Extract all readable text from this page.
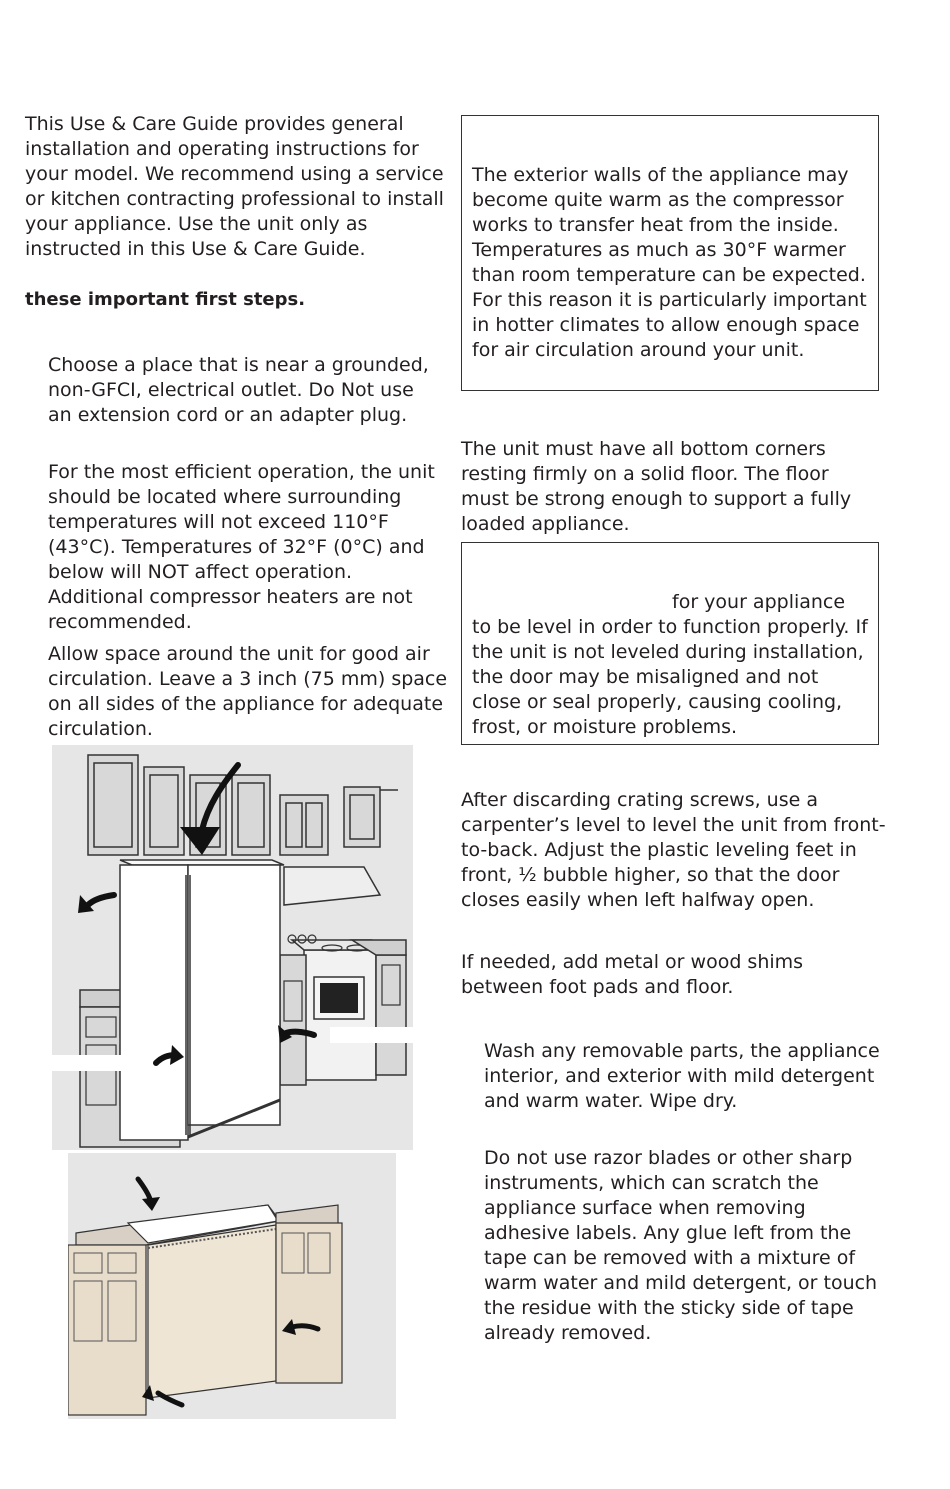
This Use & Care Guide provides general installation and operating instructions for your model. We recommend using a service or kitchen contracting professional to install your appliance. Use the unit only as instructed in this Use & Care Guide.

these important first steps.

Choose a place that is near a grounded, non-GFCI, electrical outlet. Do Not use an extension cord or an adapter plug.

For the most efficient operation, the unit should be located where surrounding temperatures will not exceed 110°F (43°C). Temperatures of 32°F (0°C) and below will NOT affect operation. Additional compressor heaters are not recommended.

Allow space around the unit for good air circulation. Leave a 3 inch (75 mm) space on all sides of the appliance for adequate circulation.

The exterior walls of the appliance may become quite warm as the compressor works to transfer heat from the inside. Temperatures as much as 30°F warmer than room temperature can be expected. For this reason it is particularly important in hotter climates to allow enough space for air circulation around your unit.

The unit must have all bottom corners resting firmly on a solid floor. The floor must be strong enough to support a fully loaded appliance.

for your appliance

to be level in order to function properly. If the unit is not leveled during installation, the door may be misaligned and not close or seal properly, causing cooling, frost, or moisture problems.

After discarding crating screws, use a carpenter’s level to level the unit from front-to-back. Adjust the plastic leveling feet in front, ½ bubble higher, so that the door closes easily when left halfway open.

If needed, add metal or wood shims between foot pads and floor.

Wash any removable parts, the appliance interior, and exterior with mild detergent and warm water. Wipe dry.

Do not use razor blades or other sharp instruments, which can scratch the appliance surface when removing adhesive labels. Any glue left from the tape can be removed with a mixture of warm water and mild detergent, or touch the residue with the sticky side of tape already removed.
